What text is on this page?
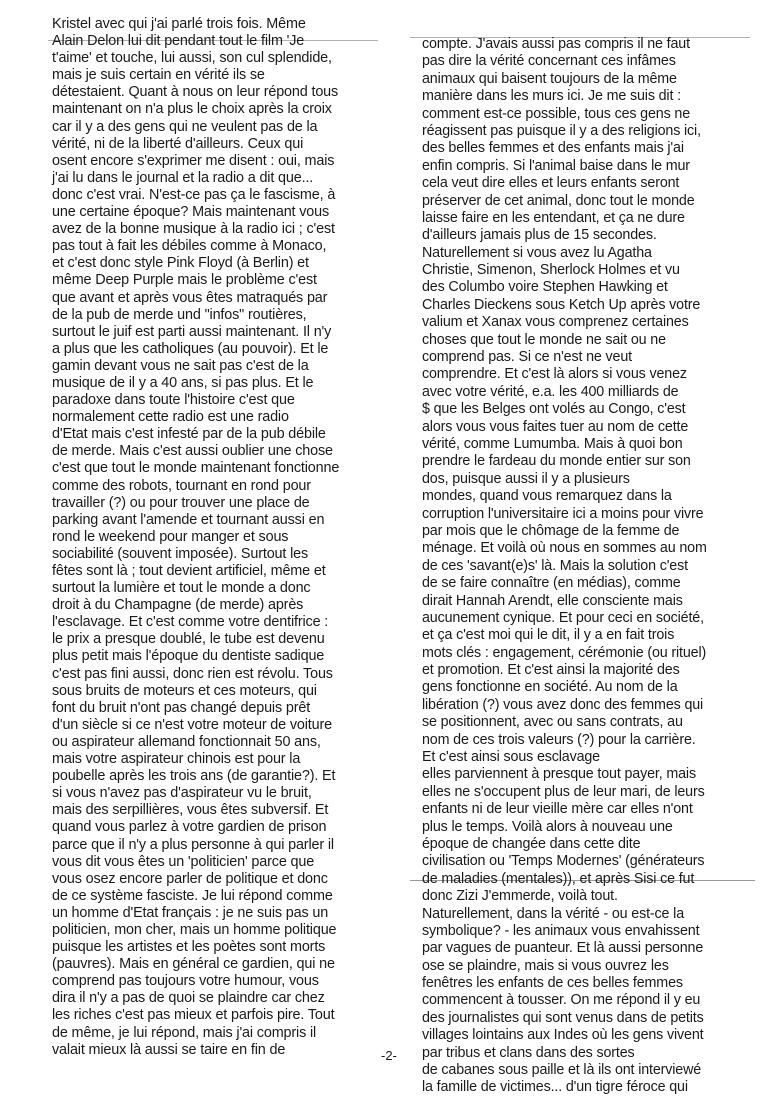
Kristel avec qui j'ai parlé trois fois. Même
Alain Delon lui dit pendant tout le film 'Je
t'aime' et touche, lui aussi, son cul splendide,
mais je suis certain en vérité ils se
détestaient. Quant à nous on leur répond tous
maintenant on n'a plus le choix après la croix
car il y a des gens qui ne veulent pas de la
vérité, ni de la liberté d'ailleurs. Ceux qui
osent encore s'exprimer me disent : oui, mais
j'ai lu dans le journal et la radio a dit que...
donc c'est vrai. N'est-ce pas ça le fascisme, à
une certaine époque? Mais maintenant vous
avez de la bonne musique à la radio ici ; c'est
pas tout à fait les débiles comme à Monaco,
et c'est donc style Pink Floyd (à Berlin) et
même Deep Purple mais le problème c'est
que avant et après vous êtes matraqués par
de la pub de merde und "infos" routières,
surtout le juif est parti aussi maintenant. Il n'y
a plus que les catholiques (au pouvoir). Et le
gamin devant vous ne sait pas c'est de la
musique de il y a 40 ans, si pas plus. Et le
paradoxe dans toute l'histoire c'est que
normalement cette radio est une radio
d'Etat mais c'est infesté par de la pub débile
de merde. Mais c'est aussi oublier une chose
c'est que tout le monde maintenant fonctionne
comme des robots, tournant en rond pour
travailler (?) ou pour trouver une place de
parking avant l'amende et tournant aussi en
rond le weekend pour manger et sous
sociabilité (souvent imposée). Surtout les
fêtes sont là ; tout devient artificiel, même et
surtout la lumière et tout le monde a donc
droit à du Champagne (de merde) après
l'esclavage. Et c'est comme votre dentifrice :
le prix a presque doublé, le tube est devenu
plus petit mais l'époque du dentiste sadique
c'est pas fini aussi, donc rien est révolu. Tous
sous bruits de moteurs et ces moteurs, qui
font du bruit n'ont pas changé depuis prêt
d'un siècle si ce n'est votre moteur de voiture
ou aspirateur allemand fonctionnait 50 ans,
mais votre aspirateur chinois est pour la
poubelle après les trois ans (de garantie?). Et
si vous n'avez pas d'aspirateur vu le bruit,
mais des serpillières, vous êtes subversif. Et
quand vous parlez à votre gardien de prison
parce que il n'y a plus personne à qui parler il
vous dit vous êtes un 'politicien' parce que
vous osez encore parler de politique et donc
de ce système fasciste. Je lui répond comme
un homme d'Etat français : je ne suis pas un
politicien, mon cher, mais un homme politique
puisque les artistes et les poètes sont morts
(pauvres). Mais en général ce gardien, qui ne
comprend pas toujours votre humour, vous
dira il n'y a pas de quoi se plaindre car chez
les riches c'est pas mieux et parfois pire. Tout
de même, je lui répond, mais j'ai compris il
valait mieux là aussi se taire en fin de
compte. J'avais aussi pas compris il ne faut
pas dire la vérité concernant ces infâmes
animaux qui baisent toujours de la même
manière dans les murs ici. Je me suis dit :
comment est-ce possible, tous ces gens ne
réagissent pas puisque il y a des religions ici,
des belles femmes et des enfants mais j'ai
enfin compris. Si l'animal baise dans le mur
cela veut dire elles et leurs enfants seront
préserver de cet animal, donc tout le monde
laisse faire en les entendant, et ça ne dure
d'ailleurs jamais plus de 15 secondes.
Naturellement si vous avez lu Agatha
Christie, Simenon, Sherlock Holmes et vu
des Columbo voire Stephen Hawking et
Charles Dieckens sous Ketch Up après votre
valium et Xanax vous comprenez certaines
choses que tout le monde ne sait ou ne
comprend pas. Si ce n'est ne veut
comprendre. Et c'est là alors si vous venez
avec votre vérité, e.a. les 400 milliards de
$ que les Belges ont volés au Congo, c'est
alors vous vous faites tuer au nom de cette
vérité, comme Lumumba. Mais à quoi bon
prendre le fardeau du monde entier sur son
dos, puisque aussi il y a plusieurs
mondes, quand vous remarquez dans la
corruption l'universitaire ici a moins pour vivre
par mois que le chômage de la femme de
ménage. Et voilà où nous en sommes au nom
de ces 'savant(e)s' là. Mais la solution c'est
de se faire connaître (en médias), comme
dirait Hannah Arendt, elle consciente mais
aucunement cynique. Et pour ceci en société,
et ça c'est moi qui le dit, il y a en fait trois
mots clés : engagement, cérémonie (ou rituel)
et promotion. Et c'est ainsi la majorité des
gens fonctionne en société. Au nom de la
libération (?) vous avez donc des femmes qui
se positionnent, avec ou sans contrats, au
nom de ces trois valeurs (?) pour la carrière.
Et c'est ainsi sous esclavage
elles parviennent à presque tout payer, mais
elles ne s'occupent plus de leur mari, de leurs
enfants ni de leur vieille mère car elles n'ont
plus le temps. Voilà alors à nouveau une
époque de changée dans cette dite
civilisation ou 'Temps Modernes' (générateurs
de maladies (mentales)), et après Sisi ce fut
donc Zizi J'emmerde, voilà tout.
Naturellement, dans la vérité - ou est-ce la
symbolique? - les animaux vous envahissent
par vagues de puanteur. Et là aussi personne
ose se plaindre, mais si vous ouvrez les
fenêtres les enfants de ces belles femmes
commencent à tousser. On me répond il y eu
des journalistes qui sont venus dans de petits
villages lointains aux Indes où les gens vivent
par tribus et clans dans des sortes
de cabanes sous paille et là ils ont interviewé
la famille de victimes... d'un tigre féroce qui
-2-
